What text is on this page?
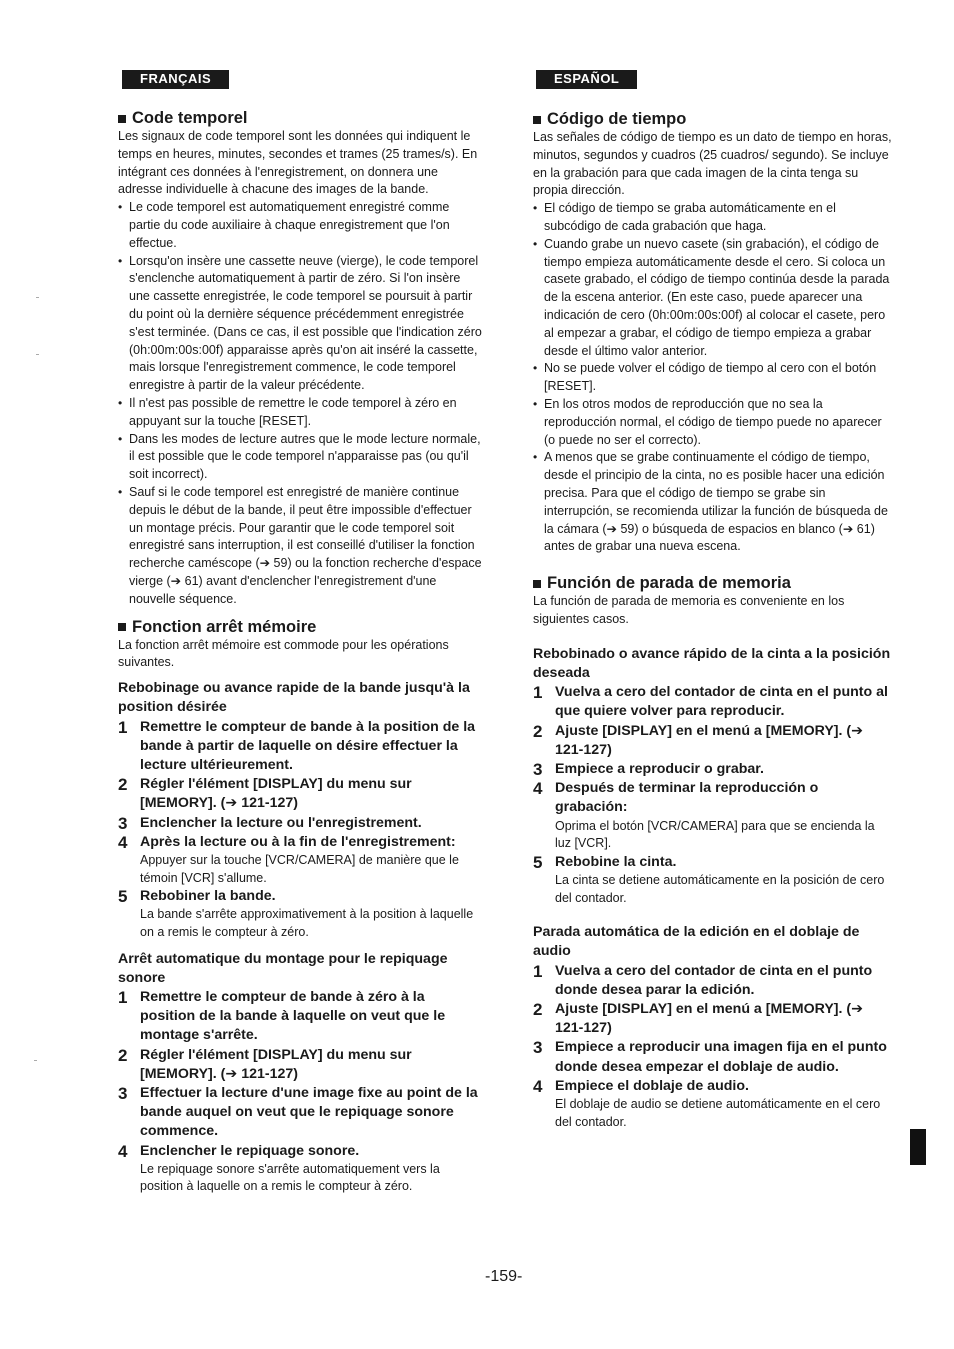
FRANÇAIS
Code temporel

Les signaux de code temporel sont les données qui indiquent le temps en heures, minutes, secondes et trames (25 trames/s). En intégrant ces données à l'enregistrement, on donnera une adresse individuelle à chacune des images de la bande.

• Le code temporel est automatiquement enregistré comme partie du code auxiliaire à chaque enregistrement que l'on effectue.
• Lorsqu'on insère une cassette neuve (vierge), le code temporel s'enclenche automatiquement à partir de zéro. Si l'on insère une cassette enregistrée, le code temporel se poursuit à partir du point où la dernière séquence précédemment enregistrée s'est terminée. (Dans ce cas, il est possible que l'indication zéro (0h:00m:00s:00f) apparaisse après qu'on ait inséré la cassette, mais lorsque l'enregistrement commence, le code temporel enregistre à partir de la valeur précédente.
• Il n'est pas possible de remettre le code temporel à zéro en appuyant sur la touche [RESET].
• Dans les modes de lecture autres que le mode lecture normale, il est possible que le code temporel n'apparaisse pas (ou qu'il soit incorrect).
• Sauf si le code temporel est enregistré de manière continue depuis le début de la bande, il peut être impossible d'effectuer un montage précis. Pour garantir que le code temporel soit enregistré sans interruption, il est conseillé d'utiliser la fonction recherche caméscope (➔ 59) ou la fonction recherche d'espace vierge (➔ 61) avant d'enclencher l'enregistrement d'une nouvelle séquence.
Fonction arrêt mémoire

La fonction arrêt mémoire est commode pour les opérations suivantes.

Rebobinage ou avance rapide de la bande jusqu'à la position désirée
1 Remettre le compteur de bande à la position de la bande à partir de laquelle on désire effectuer la lecture ultérieurement.
2 Régler l'élément [DISPLAY] du menu sur [MEMORY]. (➔ 121-127)
3 Enclencher la lecture ou l'enregistrement.
4 Après la lecture ou à la fin de l'enregistrement:

Appuyer sur la touche [VCR/CAMERA] de manière que le témoin [VCR] s'allume.

5 Rebobiner la bande.

La bande s'arrête approximativement à la position à laquelle on a remis le compteur à zéro.

Arrêt automatique du montage pour le repiquage sonore
1 Remettre le compteur de bande à zéro à la position de la bande à laquelle on veut que le montage s'arrête.
2 Régler l'élément [DISPLAY] du menu sur [MEMORY]. (➔ 121-127)
3 Effectuer la lecture d'une image fixe au point de la bande auquel on veut que le repiquage sonore commence.
4 Enclencher le repiquage sonore.

Le repiquage sonore s'arrête automatiquement vers la position à laquelle on a remis le compteur à zéro.

ESPAÑOL
Código de tiempo

Las señales de código de tiempo es un dato de tiempo en horas, minutos, segundos y cuadros (25 cuadros/ segundo). Se incluye en la grabación para que cada imagen de la cinta tenga su propia dirección.

• El código de tiempo se graba automáticamente en el subcódigo de cada grabación que haga.
• Cuando grabe un nuevo casete (sin grabación), el código de tiempo empieza automáticamente desde el cero. Si coloca un casete grabado, el código de tiempo continúa desde la parada de la escena anterior. (En este caso, puede aparecer una indicación de cero (0h:00m:00s:00f) al colocar el casete, pero al empezar a grabar, el código de tiempo empieza a grabar desde el último valor anterior.
• No se puede volver el código de tiempo al cero con el botón [RESET].
• En los otros modos de reproducción que no sea la reproducción normal, el código de tiempo puede no aparecer (o puede no ser el correcto).
• A menos que se grabe continuamente el código de tiempo, desde el principio de la cinta, no es posible hacer una edición precisa. Para que el código de tiempo se grabe sin interrupción, se recomienda utilizar la función de búsqueda de la cámara (➔ 59) o búsqueda de espacios en blanco (➔ 61) antes de grabar una nueva escena.
Función de parada de memoria

La función de parada de memoria es conveniente en los siguientes casos.

Rebobinado o avance rápido de la cinta a la posición deseada
1 Vuelva a cero del contador de cinta en el punto al que quiere volver para reproducir.
2 Ajuste [DISPLAY] en el menú a [MEMORY]. (➔ 121-127)
3 Empiece a reproducir o grabar.
4 Después de terminar la reproducción o grabación:

Oprima el botón [VCR/CAMERA] para que se encienda la luz [VCR].

5 Rebobine la cinta.

La cinta se detiene automáticamente en la posición de cero del contador.

Parada automática de la edición en el doblaje de audio
1 Vuelva a cero del contador de cinta en el punto donde desea parar la edición.
2 Ajuste [DISPLAY] en el menú a [MEMORY]. (➔ 121-127)
3 Empiece a reproducir una imagen fija en el punto donde desea empezar el doblaje de audio.
4 Empiece el doblaje de audio.

El doblaje de audio se detiene automáticamente en el cero del contador.

-159-
